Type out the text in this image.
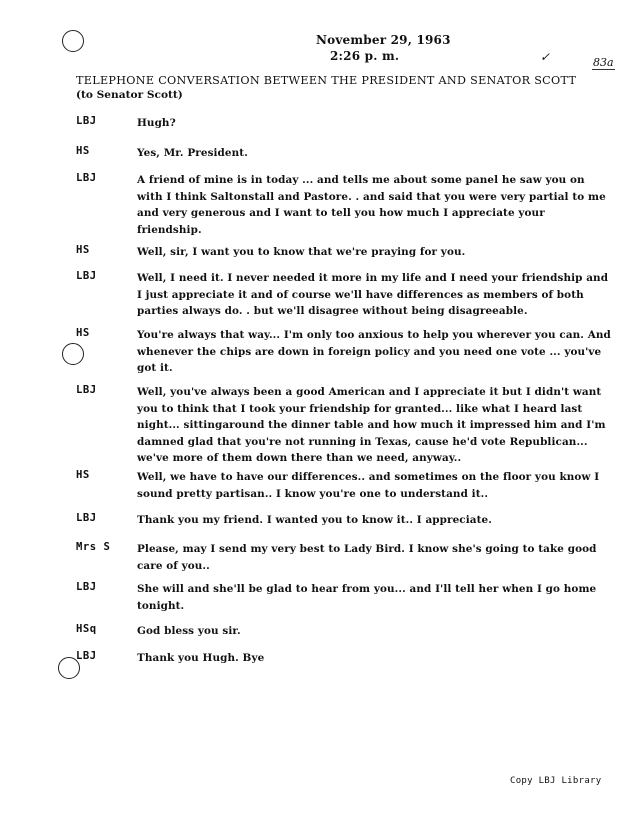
November 29, 1963
2:26 p. m.	✓	83a
TELEPHONE CONVERSATION BETWEEN THE PRESIDENT AND SENATOR SCOTT
(to Senator Scott)
LBJ	Hugh?
HS	Yes, Mr. President.
LBJ	A friend of mine is in today ... and tells me about some panel he saw you on with I think Saltonstall and Pastore. . and said that you were very partial to me and very generous and I want to tell you how much I appreciate your friendship.
HS	Well, sir, I want you to know that we're praying for you.
LBJ	Well, I need it. I never needed it more in my life and I need your friendship and I just appreciate it and of course we'll have differences as members of both parties always do. . but we'll disagree without being disagreeable.
HS	You're always that way... I'm only too anxious to help you wherever you can. And whenever the chips are down in foreign policy and you need one vote ... you've got it.
LBJ	Well, you've always been a good American and I appreciate it but I didn't want you to think that I took your friendship for granted... like what I heard last night... sittingaround the dinner table and how much it impressed him and I'm damned glad that you're not running in Texas, cause he'd vote Republican... we've more of them down there than we need, anyway..
HS	Well, we have to have our differences.. and sometimes on the floor you know I sound pretty partisan.. I know you're one to understand it..
LBJ	Thank you my friend. I wanted you to know it.. I appreciate.
Mrs S	Please, may I send my very best to Lady Bird. I know she's going to take good care of you..
LBJ	She will and she'll be glad to hear from you... and I'll tell her when I go home tonight.
HSq	God bless you sir.
LBJ	Thank you Hugh. Bye
Copy LBJ Library
